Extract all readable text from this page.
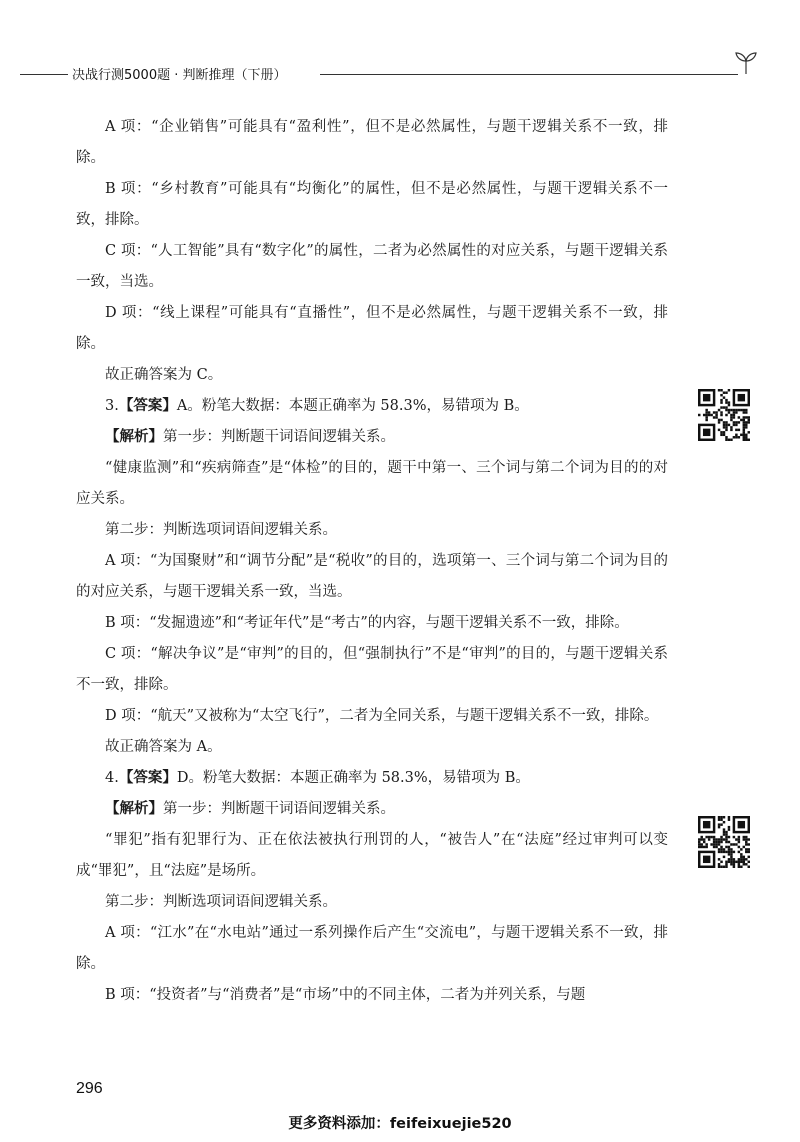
决战行测5000题 · 判断推理（下册）

A 项：“企业销售”可能具有“盈利性”，但不是必然属性，与题干逻辑关系不一致，排除。

B 项：“乡村教育”可能具有“均衡化”的属性，但不是必然属性，与题干逻辑关系不一致，排除。

C 项：“人工智能”具有“数字化”的属性，二者为必然属性的对应关系，与题干逻辑关系一致，当选。

D 项：“线上课程”可能具有“直播性”，但不是必然属性，与题干逻辑关系不一致，排除。

故正确答案为 C。

3.【答案】A。粉笔大数据：本题正确率为 58.3%，易错项为 B。

【解析】第一步：判断题干词语间逻辑关系。

“健康监测”和“疾病筛查”是“体检”的目的，题干中第一、三个词与第二个词为目的的对应关系。

第二步：判断选项词语间逻辑关系。

A 项：“为国聚财”和“调节分配”是“税收”的目的，选项第一、三个词与第二个词为目的的对应关系，与题干逻辑关系一致，当选。

B 项：“发掘遗迹”和“考证年代”是“考古”的内容，与题干逻辑关系不一致，排除。

C 项：“解决争议”是“审判”的目的，但“强制执行”不是“审判”的目的，与题干逻辑关系不一致，排除。

D 项：“航天”又被称为“太空飞行”，二者为全同关系，与题干逻辑关系不一致，排除。

故正确答案为 A。

4.【答案】D。粉笔大数据：本题正确率为 58.3%，易错项为 B。

【解析】第一步：判断题干词语间逻辑关系。

“罪犯”指有犯罪行为、正在依法被执行刑罚的人，“被告人”在“法庭”经过审判可以变成“罪犯”，且“法庭”是场所。

第二步：判断选项词语间逻辑关系。

A 项：“江水”在“水电站”通过一系列操作后产生“交流电”，与题干逻辑关系不一致，排除。

B 项：“投资者”与“消费者”是“市场”中的不同主体，二者为并列关系，与题

296
更多资料添加：feifeixuejie520
